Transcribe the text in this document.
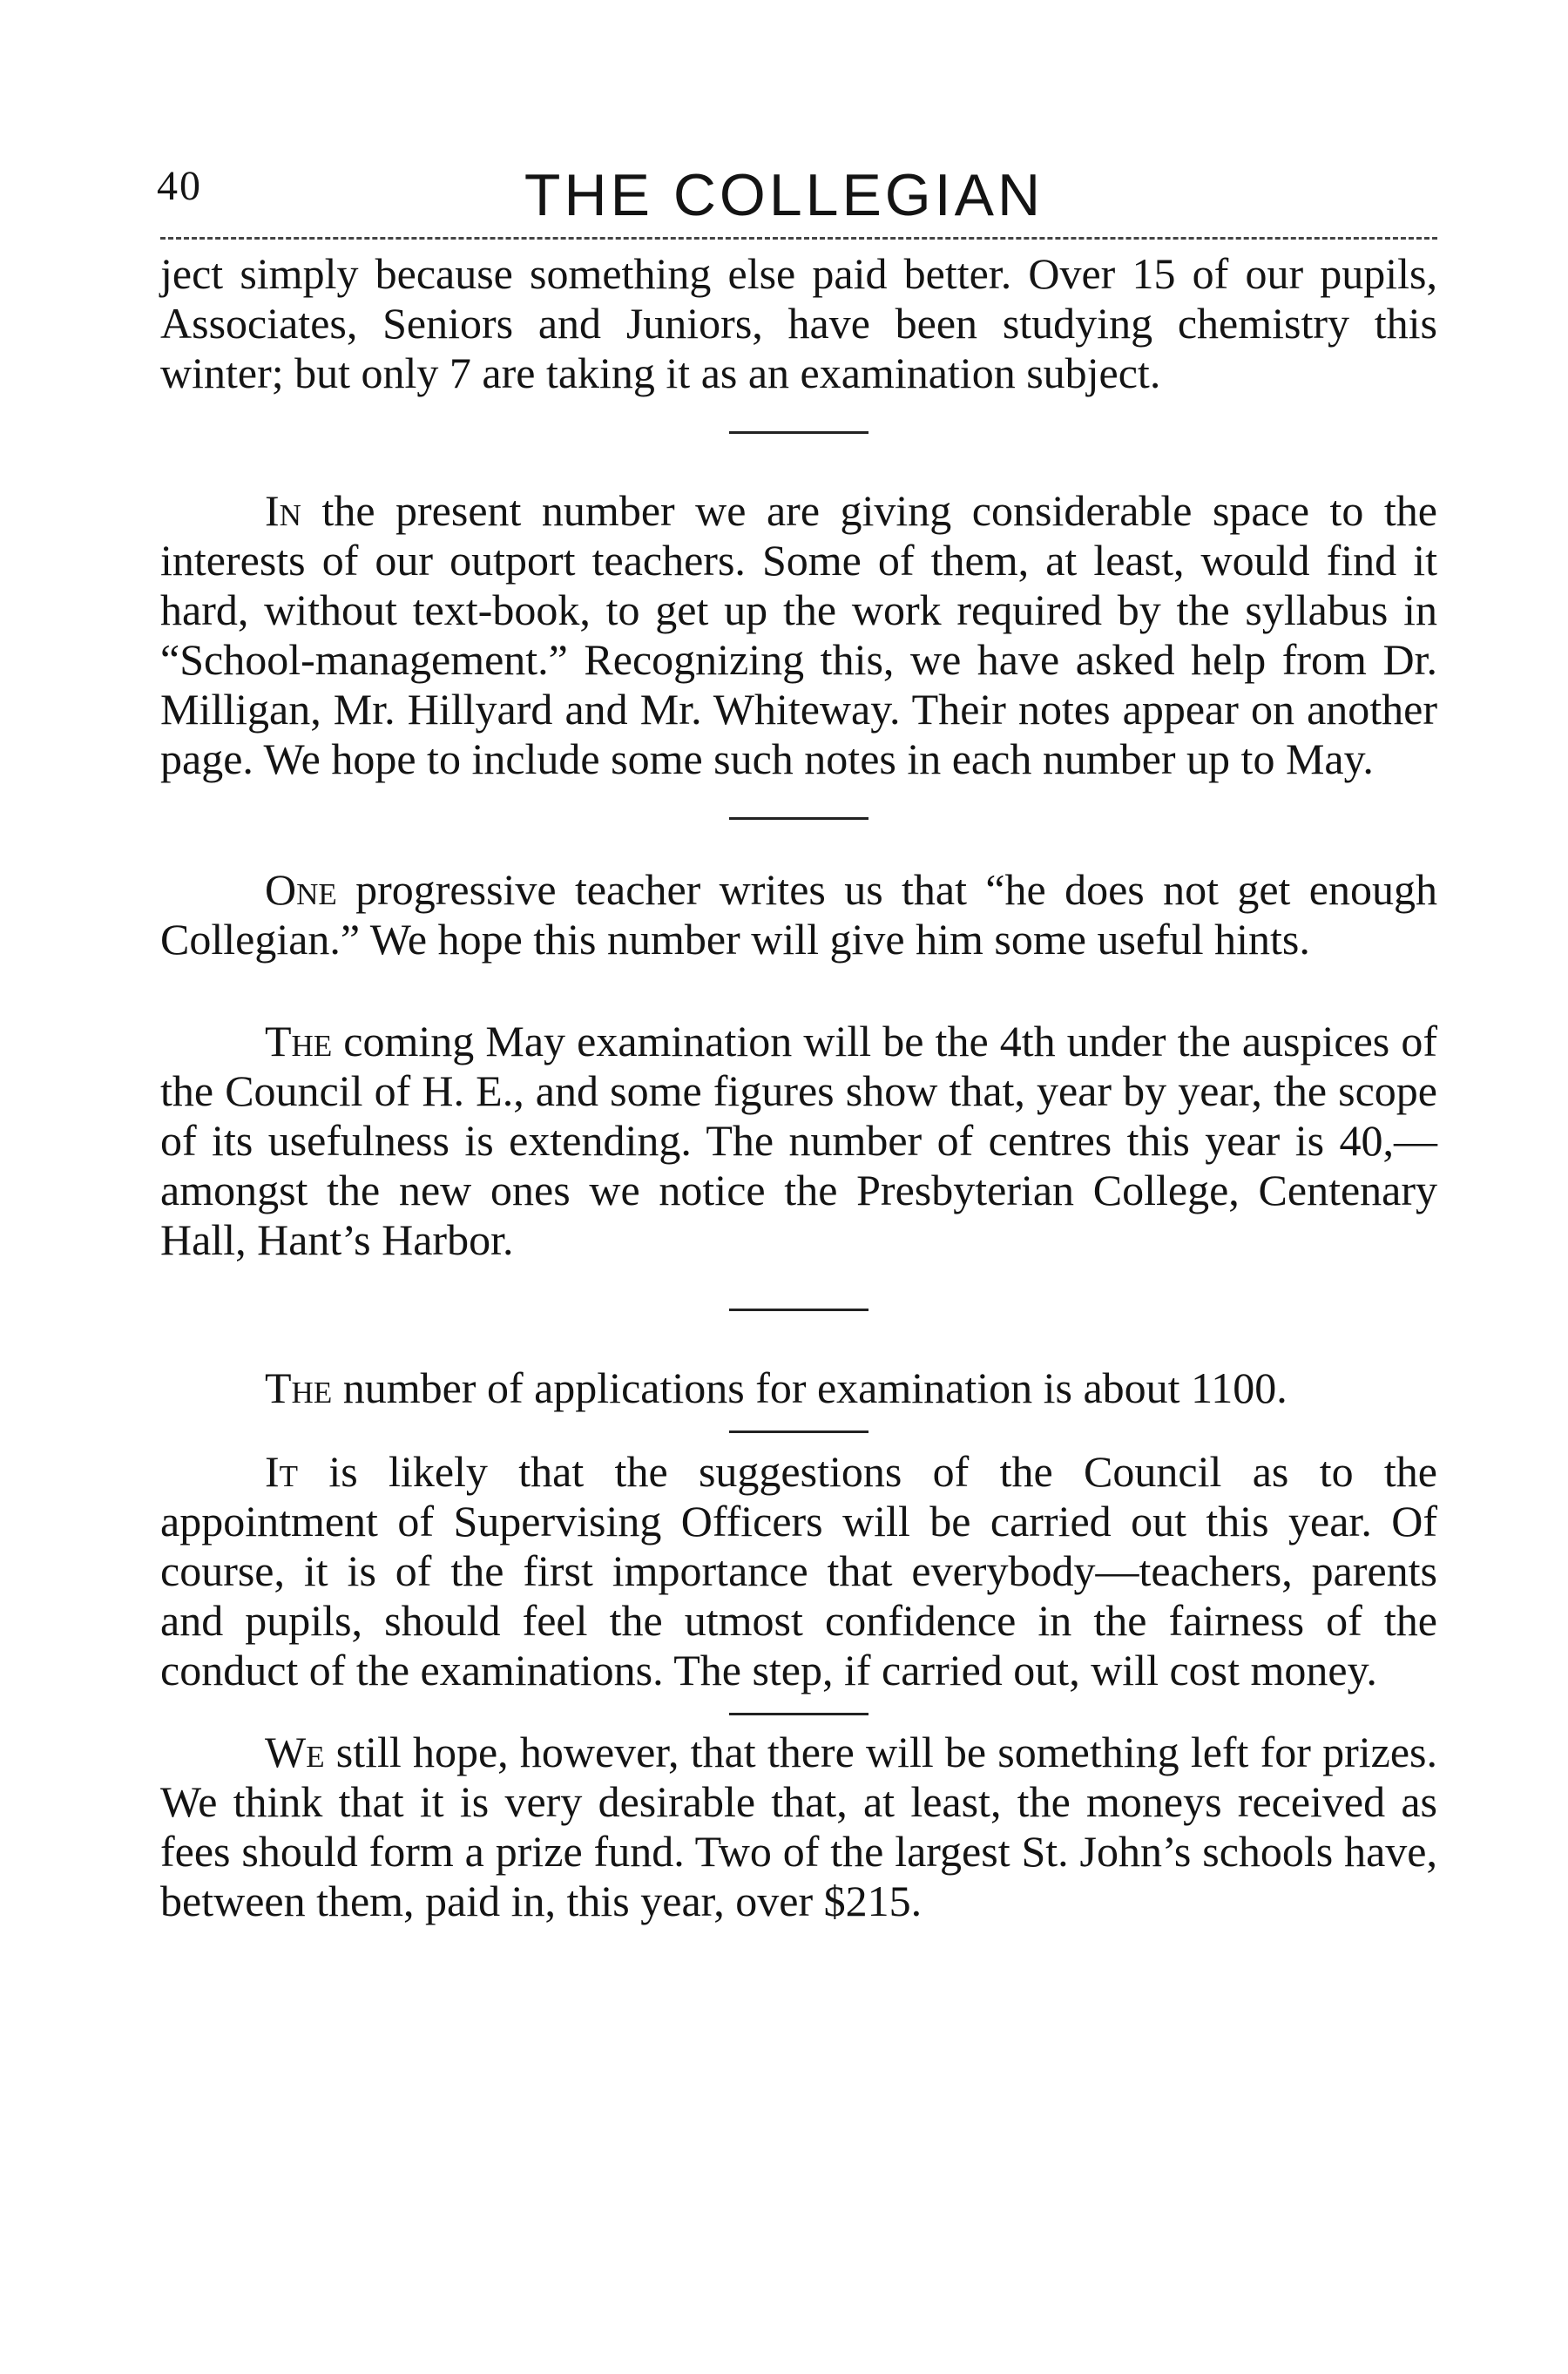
40	THE COLLEGIAN

ject simply because something else paid better. Over 15 of our pupils, Associates, Seniors and Juniors, have been studying chemistry this winter; but only 7 are taking it as an examination subject.

In the present number we are giving considerable space to the interests of our outport teachers. Some of them, at least, would find it hard, without text-book, to get up the work required by the syllabus in “School-management.” Recognizing this, we have asked help from Dr. Milligan, Mr. Hillyard and Mr. Whiteway. Their notes appear on another page. We hope to include some such notes in each number up to May.

One progressive teacher writes us that “he does not get enough Collegian.” We hope this number will give him some useful hints.

The coming May examination will be the 4th under the auspices of the Council of H. E., and some figures show that, year by year, the scope of its usefulness is extending. The number of centres this year is 40,—amongst the new ones we notice the Presbyterian College, Centenary Hall, Hant’s Harbor.

The number of applications for examination is about 1100.

It is likely that the suggestions of the Council as to the appointment of Supervising Officers will be carried out this year. Of course, it is of the first importance that everybody—teachers, parents and pupils, should feel the utmost confidence in the fairness of the conduct of the examinations. The step, if carried out, will cost money.

We still hope, however, that there will be something left for prizes. We think that it is very desirable that, at least, the moneys received as fees should form a prize fund. Two of the largest St. John’s schools have, between them, paid in, this year, over $215.
